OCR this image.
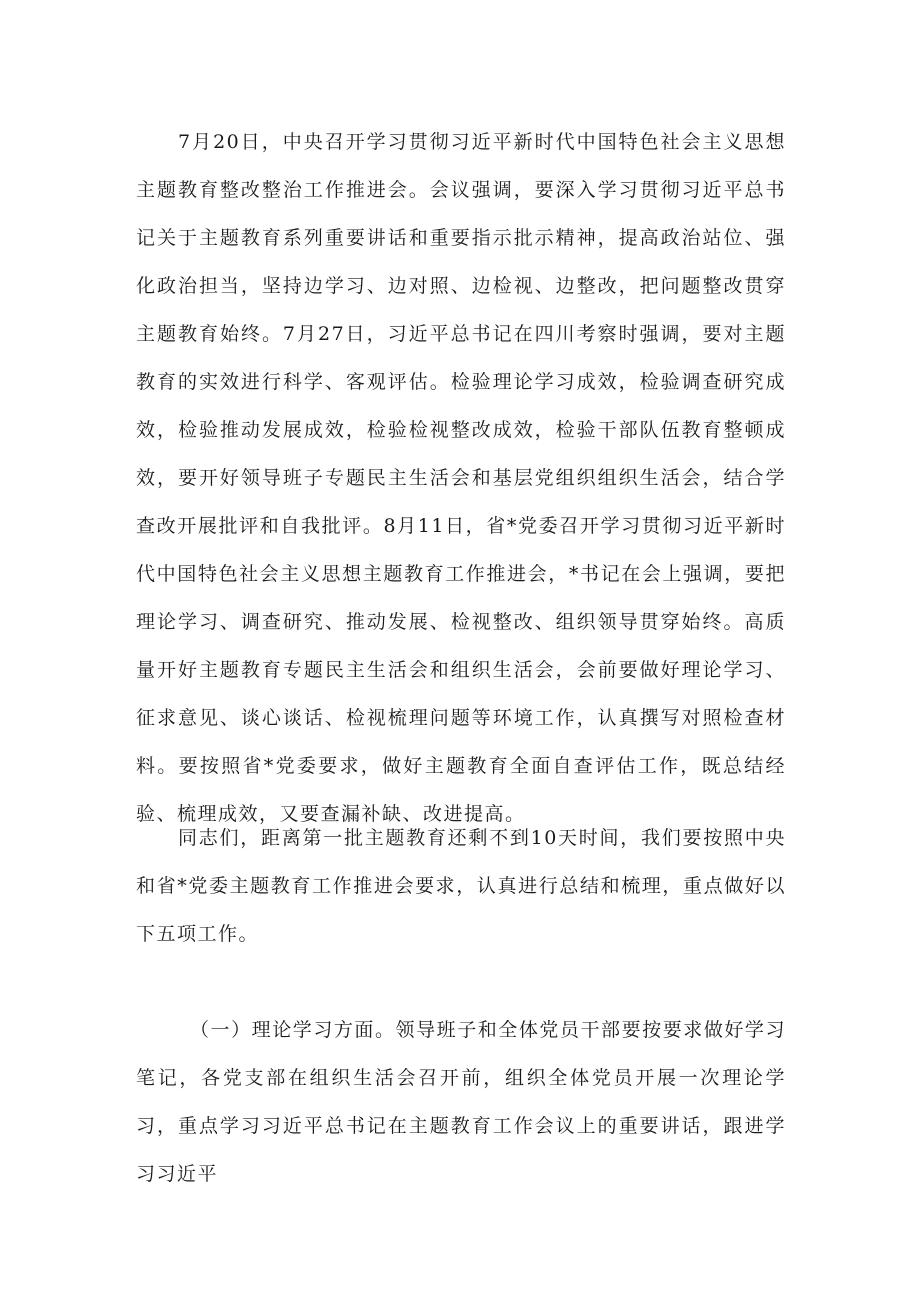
7月20日，中央召开学习贯彻习近平新时代中国特色社会主义思想主题教育整改整治工作推进会。会议强调，要深入学习贯彻习近平总书记关于主题教育系列重要讲话和重要指示批示精神，提高政治站位、强化政治担当，坚持边学习、边对照、边检视、边整改，把问题整改贯穿主题教育始终。7月27日，习近平总书记在四川考察时强调，要对主题教育的实效进行科学、客观评估。检验理论学习成效，检验调查研究成效，检验推动发展成效，检验检视整改成效，检验干部队伍教育整顿成效，要开好领导班子专题民主生活会和基层党组织组织生活会，结合学查改开展批评和自我批评。8月11日，省*党委召开学习贯彻习近平新时代中国特色社会主义思想主题教育工作推进会，*书记在会上强调，要把理论学习、调查研究、推动发展、检视整改、组织领导贯穿始终。高质量开好主题教育专题民主生活会和组织生活会，会前要做好理论学习、征求意见、谈心谈话、检视梳理问题等环境工作，认真撰写对照检查材料。要按照省*党委要求，做好主题教育全面自查评估工作，既总结经验、梳理成效，又要查漏补缺、改进提高。

同志们，距离第一批主题教育还剩不到10天时间，我们要按照中央和省*党委主题教育工作推进会要求，认真进行总结和梳理，重点做好以下五项工作。

（一）理论学习方面。领导班子和全体党员干部要按要求做好学习笔记，各党支部在组织生活会召开前，组织全体党员开展一次理论学习，重点学习习近平总书记在主题教育工作会议上的重要讲话，跟进学习习近平
